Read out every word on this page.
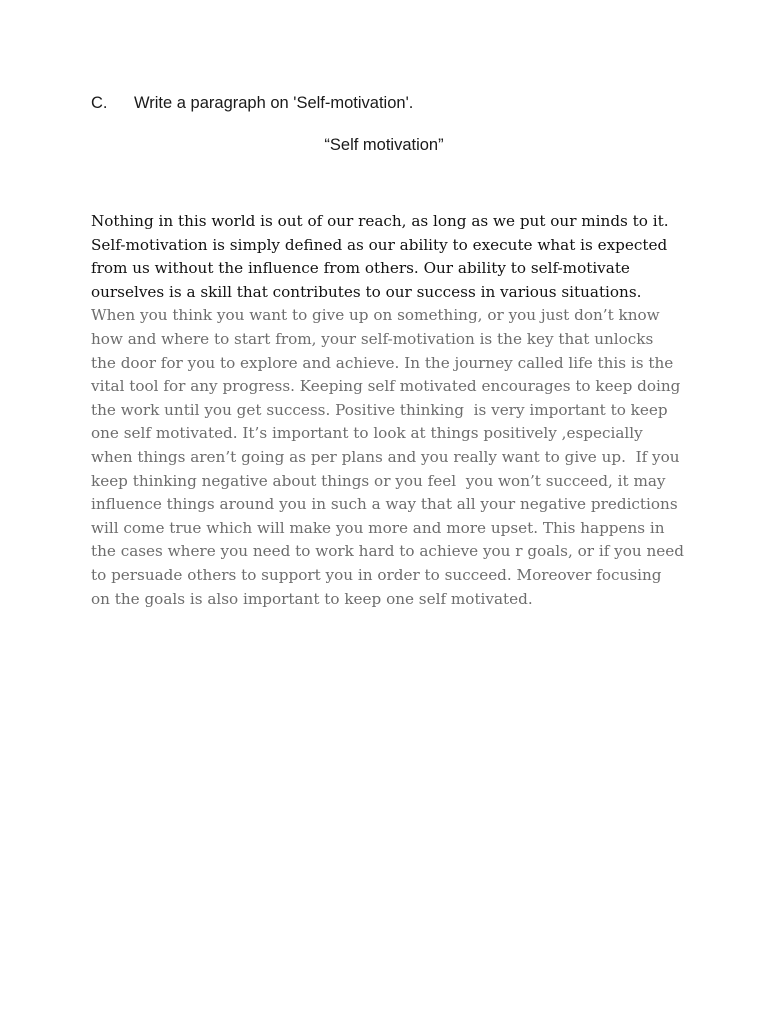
C. Write a paragraph on 'Self-motivation'.
“Self motivation”
Nothing in this world is out of our reach, as long as we put our minds to it.
Self-motivation is simply defined as our ability to execute what is expected
from us without the influence from others. Our ability to self-motivate
ourselves is a skill that contributes to our success in various situations.
When you think you want to give up on something, or you just don’t know
how and where to start from, your self-motivation is the key that unlocks
the door for you to explore and achieve. In the journey called life this is the
vital tool for any progress. Keeping self motivated encourages to keep doing
the work until you get success. Positive thinking  is very important to keep
one self motivated. It’s important to look at things positively ,especially
when things aren’t going as per plans and you really want to give up.  If you
keep thinking negative about things or you feel  you won’t succeed, it may
influence things around you in such a way that all your negative predictions
will come true which will make you more and more upset. This happens in
the cases where you need to work hard to achieve you r goals, or if you need
to persuade others to support you in order to succeed. Moreover focusing
on the goals is also important to keep one self motivated.
